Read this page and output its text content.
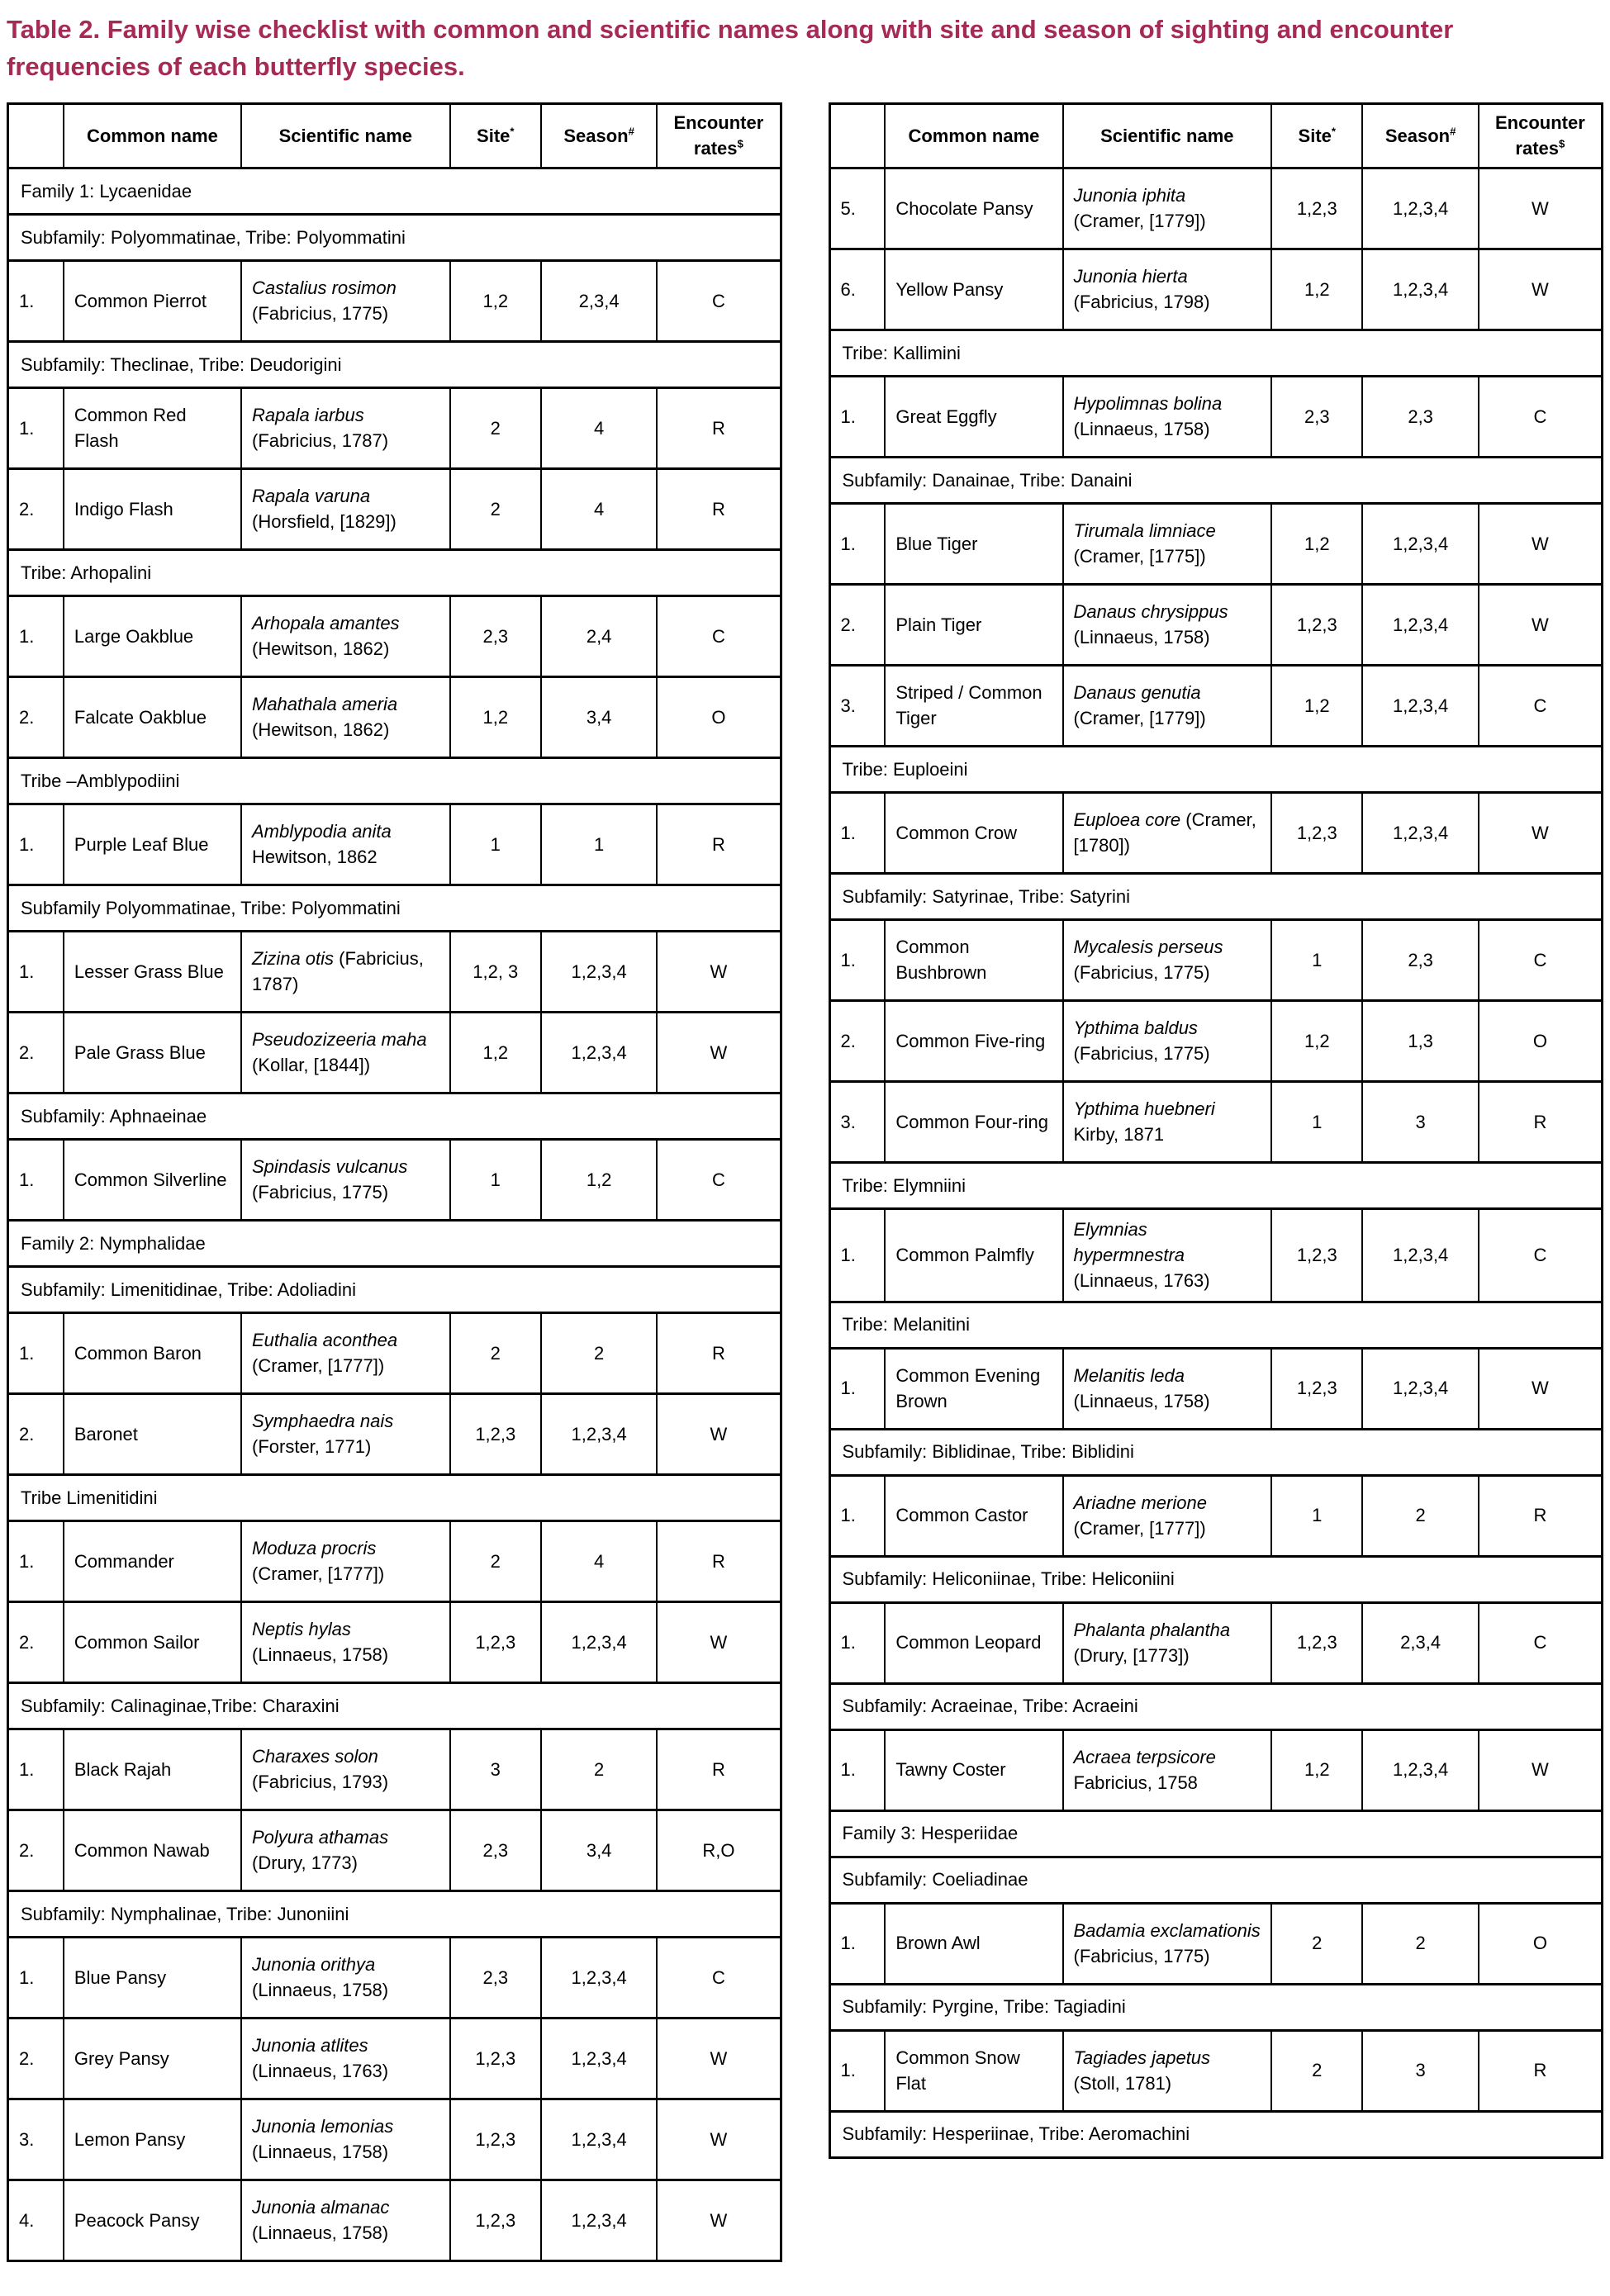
Table 2. Family wise checklist with common and scientific names along with site and season of sighting and encounter frequencies of each butterfly species.
	Common name	Scientific name	Site*	Season#	Encounter rates$
Family 1: Lycaenidae					
Subfamily: Polyommatinae, Tribe: Polyommatini					
1.	Common Pierrot	Castalius rosimon (Fabricius, 1775)	1,2	2,3,4	C
Subfamily: Theclinae, Tribe: Deudorigini					
1.	Common Red Flash	Rapala iarbus (Fabricius, 1787)	2	4	R
2.	Indigo Flash	Rapala varuna (Horsfield, [1829])	2	4	R
Tribe: Arhopalini					
1.	Large Oakblue	Arhopala amantes (Hewitson, 1862)	2,3	2,4	C
2.	Falcate Oakblue	Mahathala ameria (Hewitson, 1862)	1,2	3,4	O
Tribe –Amblypodiini					
1.	Purple Leaf Blue	Amblypodia anita Hewitson, 1862	1	1	R
Subfamily Polyommatinae, Tribe: Polyommatini					
1.	Lesser Grass Blue	Zizina otis (Fabricius, 1787)	1,2, 3	1,2,3,4	W
2.	Pale Grass Blue	Pseudozizeeria maha (Kollar, [1844])	1,2	1,2,3,4	W
Subfamily: Aphnaeinae					
1.	Common Silverline	Spindasis vulcanus (Fabricius, 1775)	1	1,2	C
Family 2: Nymphalidae					
Subfamily: Limenitidinae, Tribe: Adoliadini					
1.	Common Baron	Euthalia aconthea (Cramer, [1777])	2	2	R
2.	Baronet	Symphaedra nais (Forster, 1771)	1,2,3	1,2,3,4	W
Tribe Limenitidini					
1.	Commander	Moduza procris (Cramer, [1777])	2	4	R
2.	Common Sailor	Neptis hylas (Linnaeus, 1758)	1,2,3	1,2,3,4	W
Subfamily: Calinaginae,Tribe: Charaxini					
1.	Black Rajah	Charaxes solon (Fabricius, 1793)	3	2	R
2.	Common Nawab	Polyura athamas (Drury, 1773)	2,3	3,4	R,O
Subfamily: Nymphalinae, Tribe: Junoniini					
1.	Blue Pansy	Junonia orithya (Linnaeus, 1758)	2,3	1,2,3,4	C
2.	Grey Pansy	Junonia atlites (Linnaeus, 1763)	1,2,3	1,2,3,4	W
3.	Lemon Pansy	Junonia lemonias (Linnaeus, 1758)	1,2,3	1,2,3,4	W
4.	Peacock Pansy	Junonia almanac (Linnaeus, 1758)	1,2,3	1,2,3,4	W
	Common name	Scientific name	Site*	Season#	Encounter rates$
5.	Chocolate Pansy	Junonia iphita (Cramer, [1779])	1,2,3	1,2,3,4	W
6.	Yellow Pansy	Junonia hierta (Fabricius, 1798)	1,2	1,2,3,4	W
Tribe: Kallimini					
1.	Great Eggfly	Hypolimnas bolina (Linnaeus, 1758)	2,3	2,3	C
Subfamily: Danainae, Tribe: Danaini					
1.	Blue Tiger	Tirumala limniace (Cramer, [1775])	1,2	1,2,3,4	W
2.	Plain Tiger	Danaus chrysippus (Linnaeus, 1758)	1,2,3	1,2,3,4	W
3.	Striped / Common Tiger	Danaus genutia (Cramer, [1779])	1,2	1,2,3,4	C
Tribe: Euploeini					
1.	Common Crow	Euploea core (Cramer, [1780])	1,2,3	1,2,3,4	W
Subfamily: Satyrinae, Tribe: Satyrini					
1.	Common Bushbrown	Mycalesis perseus (Fabricius, 1775)	1	2,3	C
2.	Common Five-ring	Ypthima baldus (Fabricius, 1775)	1,2	1,3	O
3.	Common Four-ring	Ypthima huebneri Kirby, 1871	1	3	R
Tribe: Elymniini					
1.	Common Palmfly	Elymnias hypermnestra (Linnaeus, 1763)	1,2,3	1,2,3,4	C
Tribe: Melanitini					
1.	Common Evening Brown	Melanitis leda (Linnaeus, 1758)	1,2,3	1,2,3,4	W
Subfamily: Biblidinae, Tribe: Biblidini					
1.	Common Castor	Ariadne merione (Cramer, [1777])	1	2	R
Subfamily: Heliconiinae, Tribe: Heliconiini					
1.	Common Leopard	Phalanta phalantha (Drury, [1773])	1,2,3	2,3,4	C
Subfamily: Acraeinae, Tribe: Acraeini					
1.	Tawny Coster	Acraea terpsicore Fabricius, 1758	1,2	1,2,3,4	W
Family 3: Hesperiidae					
Subfamily: Coeliadinae					
1.	Brown Awl	Badamia exclamationis (Fabricius, 1775)	2	2	O
Subfamily: Pyrgine, Tribe: Tagiadini					
1.	Common Snow Flat	Tagiades japetus (Stoll, 1781)	2	3	R
Subfamily: Hesperiinae, Tribe: Aeromachini					
